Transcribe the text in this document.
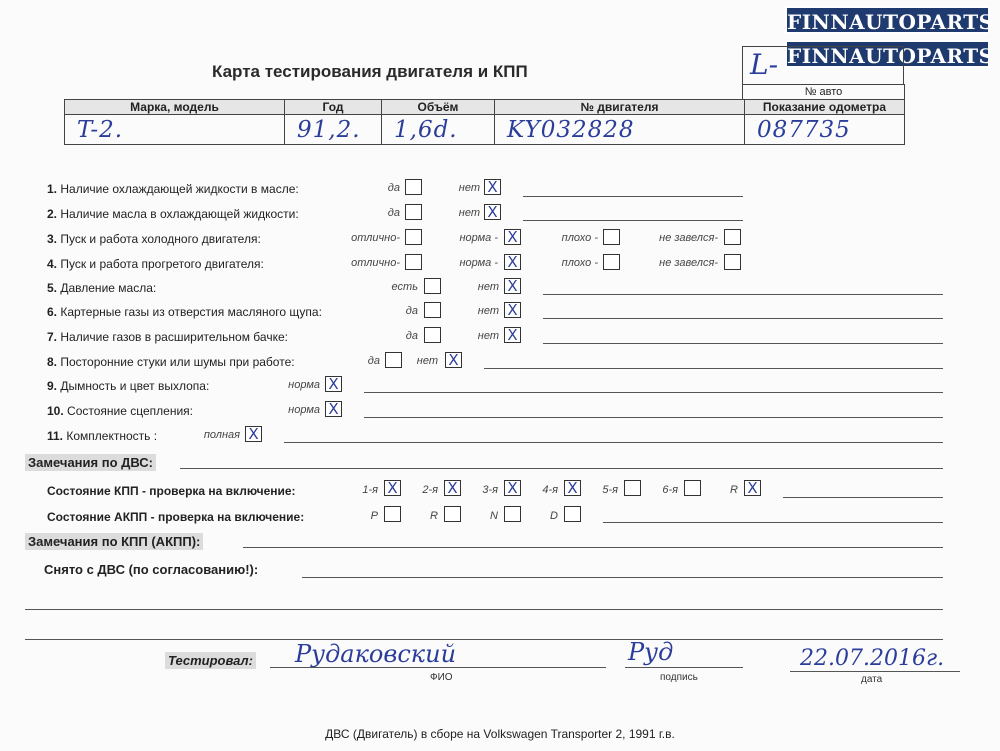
FINNAUTOPARTS
FINNAUTOPARTS
Карта тестирования двигателя и КПП	L-
№ авто
Марка, модель	Год	Объём	№ двигателя	Показание одометра
T-2.	91,2.	1,6d.	KY032828	087735
1. Наличие охлаждающей жидкости в масле:	да	нет X
2. Наличие масла в охлаждающей жидкости:	да	нет X
3. Пуск и работа холодного двигателя:	отлично-	норма - X	плохо -	не завелся-
4. Пуск и работа прогретого двигателя:	отлично-	норма - X	плохо -	не завелся-
5. Давление масла:	есть	нет X
6. Картерные газы из отверстия масляного щупа:	да	нет X
7. Наличие газов в расширительном бачке:	да	нет X
8. Посторонние стуки или шумы при работе:	да	нет X
9. Дымность и цвет выхлопа:	норма X
10. Состояние сцепления:	норма X
11. Комплектность :	полная X
Замечания по ДВС:
Состояние КПП - проверка на включение:	1-я X	2-я X	3-я X	4-я X	5-я	6-я	R X
Состояние АКПП - проверка на включение:	P	R	N	D
Замечания по КПП (АКПП):
Снято с ДВС (по согласованию!):
Тестировал: Рудаковский
ФИО
Руд
подпись
22.07.2016г.
дата
ДВС (Двигатель) в сборе на Volkswagen Transporter 2, 1991 г.в.
